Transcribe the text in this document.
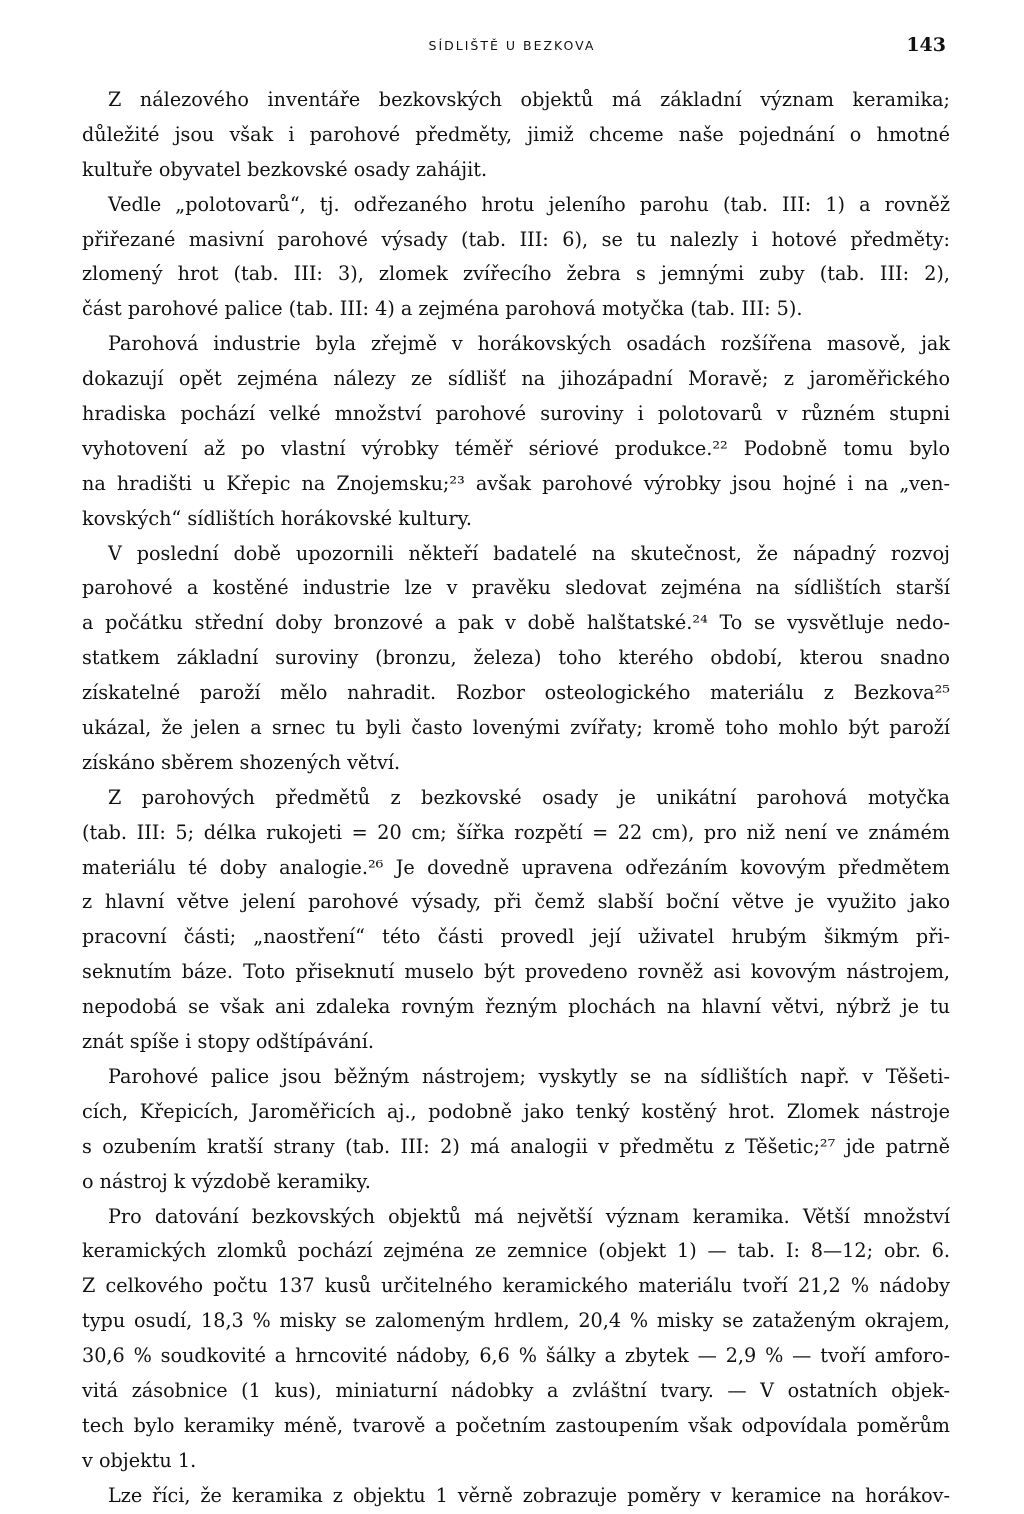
SÍDLIŠTĚ U BEZKOVA	143
Z nálezového inventáře bezkovských objektů má základní význam keramika;
důležité jsou však i parohové předměty, jimiž chceme naše pojednání o hmotné
kultuře obyvatel bezkovské osady zahájit.
Vedle „polotovarů“, tj. odřezaného hrotu jeleního parohu (tab. III: 1) a rovněž
přiřezané masivní parohové výsady (tab. III: 6), se tu nalezly i hotové předměty:
zlomený hrot (tab. III: 3), zlomek zvířecího žebra s jemnými zuby (tab. III: 2),
část parohové palice (tab. III: 4) a zejména parohová motyčka (tab. III: 5).
Parohová industrie byla zřejmě v horákovských osadách rozšířena masově, jak
dokazují opět zejména nálezy ze sídlišť na jihozápadní Moravě; z jaroměřického
hradiska pochází velké množství parohové suroviny i polotovarů v různém stupni
vyhotovení až po vlastní výrobky téměř sériové produkce.²² Podobně tomu bylo
na hradišti u Křepic na Znojemsku;²³ avšak parohové výrobky jsou hojné i na „ven-
kovských“ sídlištích horákovské kultury.
V poslední době upozornili někteří badatelé na skutečnost, že nápadný rozvoj
parohové a kostěné industrie lze v pravěku sledovat zejména na sídlištích starší
a počátku střední doby bronzové a pak v době halštatské.²⁴ To se vysvětluje nedo-
statkem základní suroviny (bronzu, železa) toho kterého období, kterou snadno
získatelné paroží mělo nahradit. Rozbor osteologického materiálu z Bezkova²⁵
ukázal, že jelen a srnec tu byli často lovenými zvířaty; kromě toho mohlo být paroží
získáno sběrem shozených větví.
Z parohových předmětů z bezkovské osady je unikátní parohová motyčka
(tab. III: 5; délka rukojeti = 20 cm; šířka rozpětí = 22 cm), pro niž není ve známém
materiálu té doby analogie.²⁶ Je dovedně upravena odřezáním kovovým předmětem
z hlavní větve jelení parohové výsady, při čemž slabší boční větve je využito jako
pracovní části; „naostření“ této části provedl její uživatel hrubým šikmým při-
seknutím báze. Toto přiseknutí muselo být provedeno rovněž asi kovovým nástrojem,
nepodobá se však ani zdaleka rovným řezným plochách na hlavní větvi, nýbrž je tu
znát spíše i stopy odštípávání.
Parohové palice jsou běžným nástrojem; vyskytly se na sídlištích např. v Těšeti-
cích, Křepicích, Jaroměřicích aj., podobně jako tenký kostěný hrot. Zlomek nástroje
s ozubením kratší strany (tab. III: 2) má analogii v předmětu z Těšetic;²⁷ jde patrně
o nástroj k výzdobě keramiky.
Pro datování bezkovských objektů má největší význam keramika. Větší množství
keramických zlomků pochází zejména ze zemnice (objekt 1) — tab. I: 8—12; obr. 6.
Z celkového počtu 137 kusů určitelného keramického materiálu tvoří 21,2 % nádoby
typu osudí, 18,3 % misky se zalomeným hrdlem, 20,4 % misky se zataženým okrajem,
30,6 % soudkovité a hrncovité nádoby, 6,6 % šálky a zbytek — 2,9 % — tvoří amforo-
vitá zásobnice (1 kus), miniaturní nádobky a zvláštní tvary. — V ostatních objek-
tech bylo keramiky méně, tvarově a početním zastoupením však odpovídala poměrům
v objektu 1.
Lze říci, že keramika z objektu 1 věrně zobrazuje poměry v keramice na horákov-
